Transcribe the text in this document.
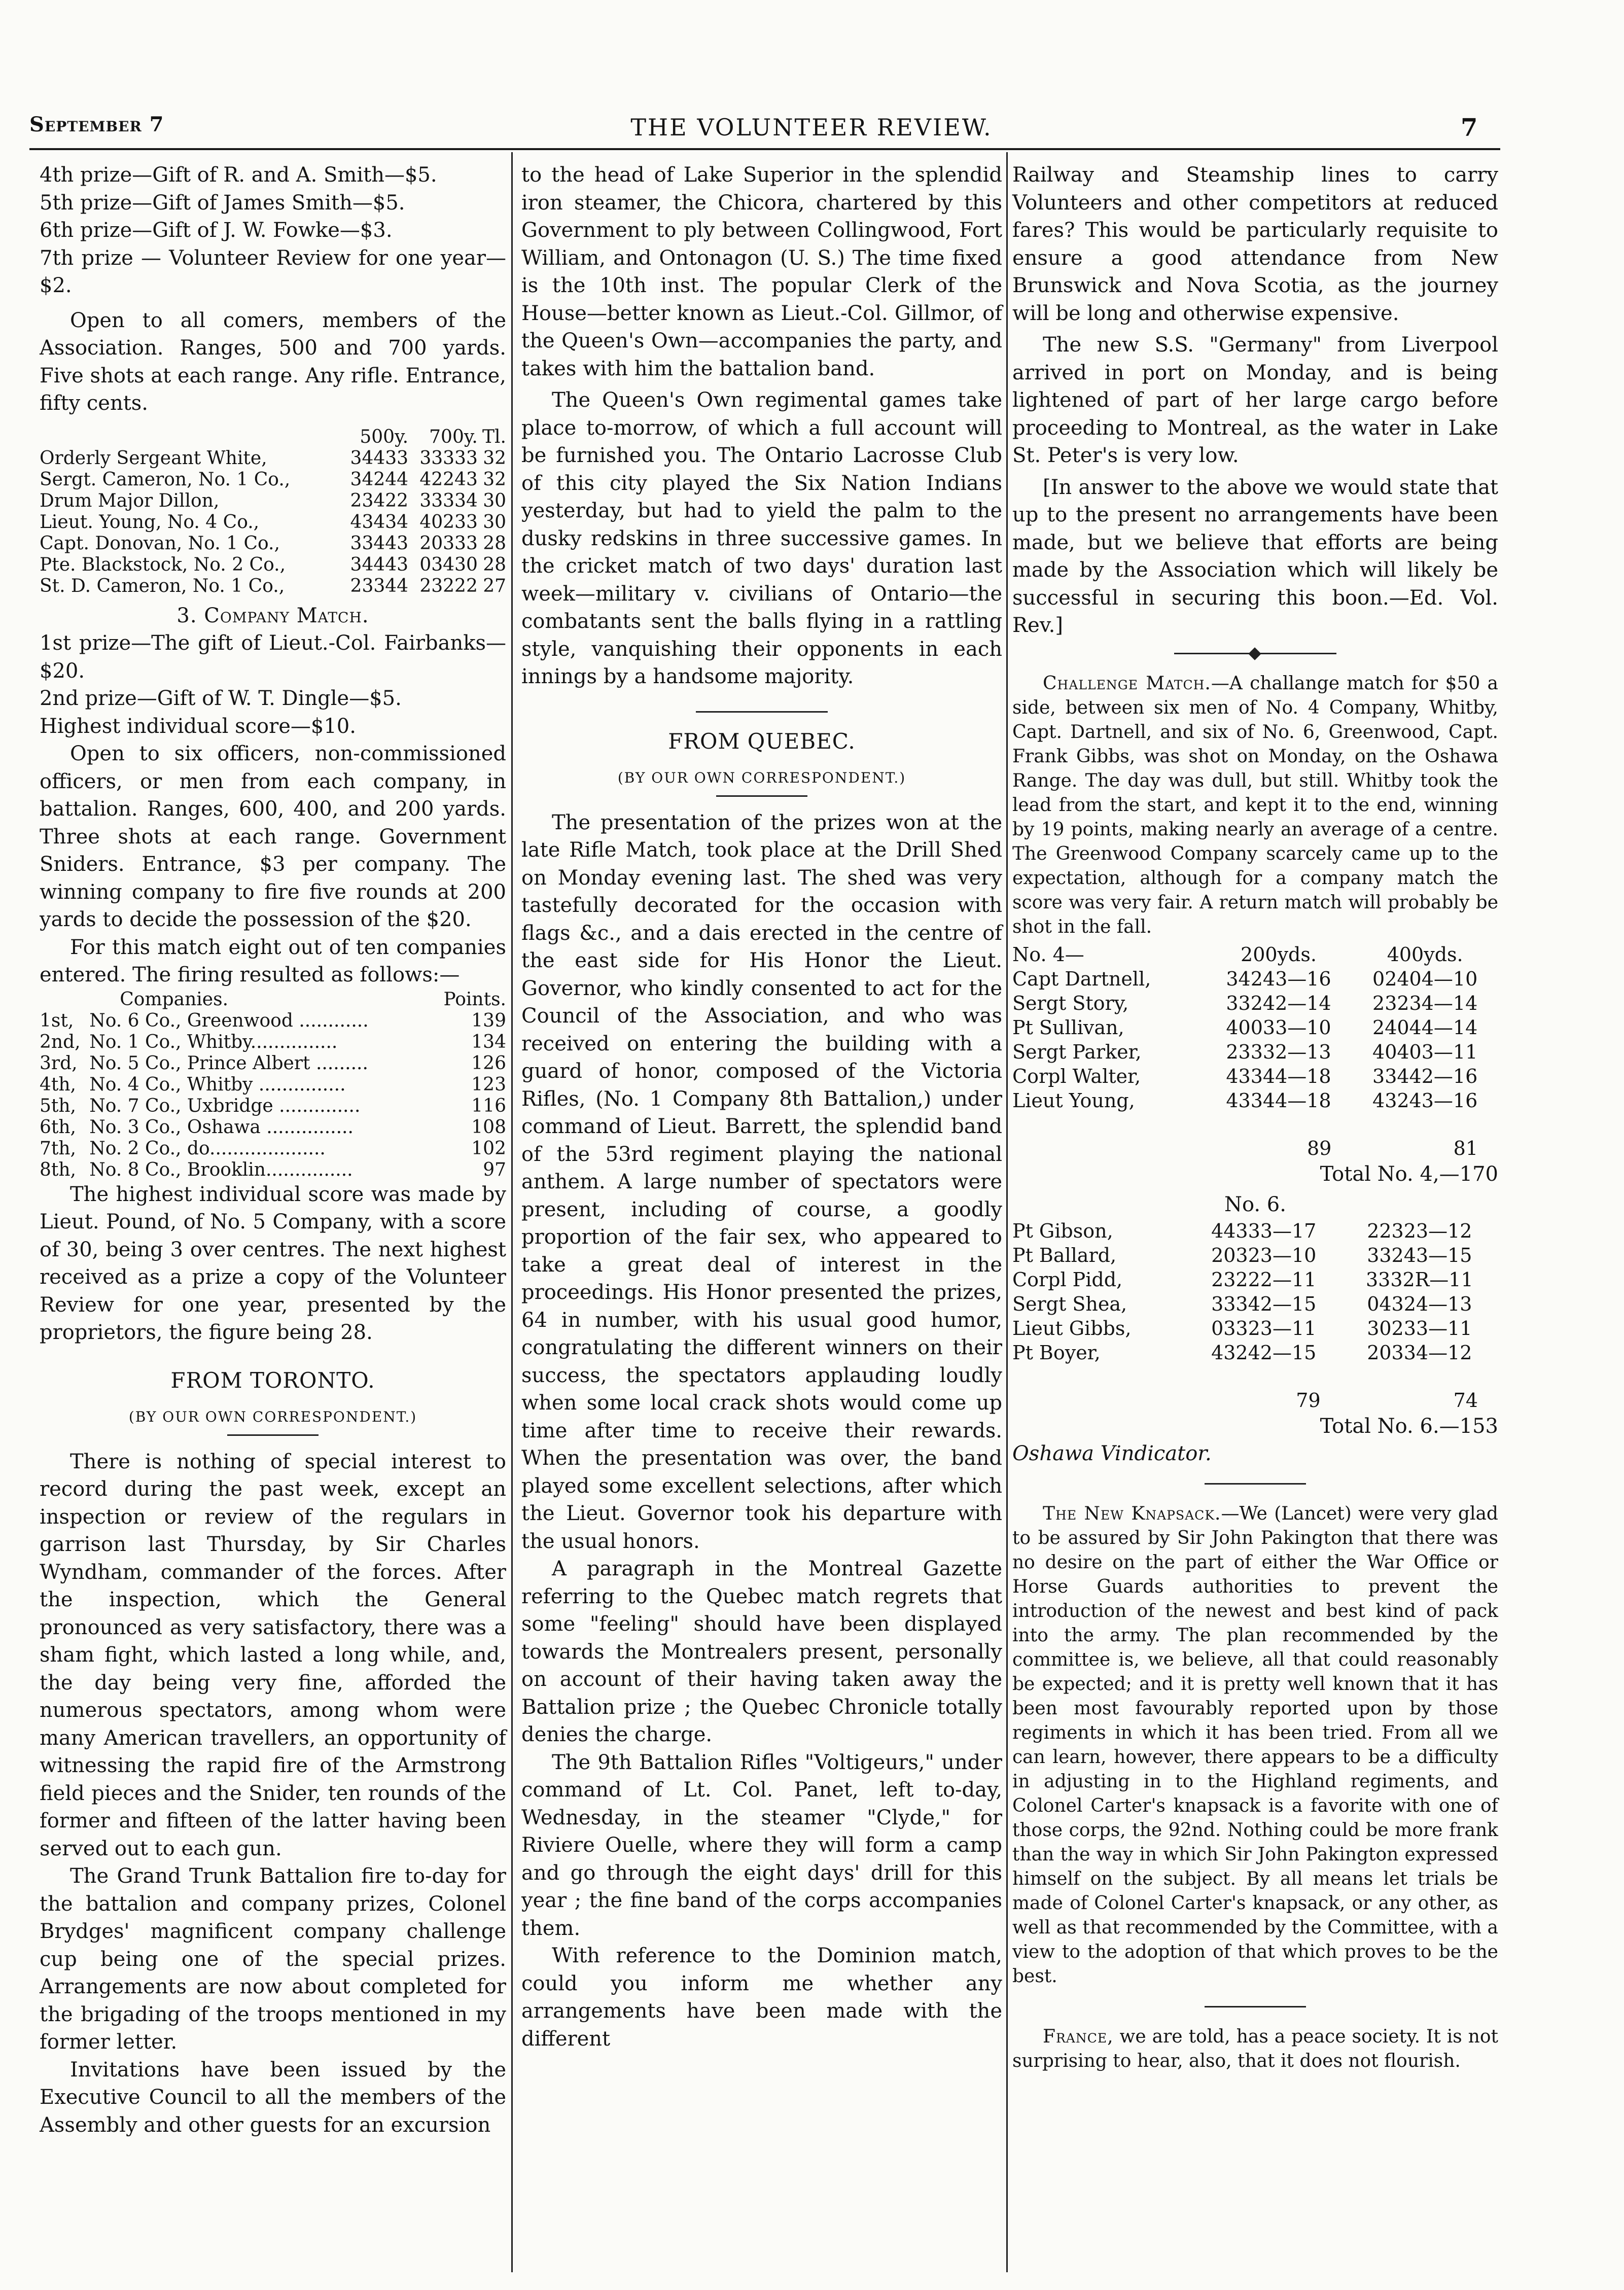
September 7	THE VOLUNTEER REVIEW.	7

4th prize—Gift of R. and A. Smith—$5.

5th prize—Gift of James Smith—$5.

6th prize—Gift of J. W. Fowke—$3.

7th prize — Volunteer Review for one year—$2.

Open to all comers, members of the Association. Ranges, 500 and 700 yards. Five shots at each range. Any rifle. Entrance, fifty cents.

	500y.	700y.	Tl.
Orderly Sergeant White,	34433	33333	32
Sergt. Cameron, No. 1 Co.,	34244	42243	32
Drum Major Dillon,	23422	33334	30
Lieut. Young, No. 4 Co.,	43434	40233	30
Capt. Donovan, No. 1 Co.,	33443	20333	28
Pte. Blackstock, No. 2 Co.,	34443	03430	28
St. D. Cameron, No. 1 Co.,	23344	23222	27

3. Company Match.

1st prize—The gift of Lieut.-Col. Fairbanks—$20.

2nd prize—Gift of W. T. Dingle—$5.

Highest individual score—$10.

Open to six officers, non-commissioned officers, or men from each company, in battalion. Ranges, 600, 400, and 200 yards. Three shots at each range. Government Sniders. Entrance, $3 per company. The winning company to fire five rounds at 200 yards to decide the possession of the $20.

For this match eight out of ten companies entered. The firing resulted as follows:—

	Companies.	Points.
1st,	No. 6 Co., Greenwood ............	139
2nd,	No. 1 Co., Whitby...............	134
3rd,	No. 5 Co., Prince Albert .........	126
4th,	No. 4 Co., Whitby ...............	123
5th,	No. 7 Co., Uxbridge ..............	116
6th,	No. 3 Co., Oshawa ...............	108
7th,	No. 2 Co., do....................	102
8th,	No. 8 Co., Brooklin...............	97

The highest individual score was made by Lieut. Pound, of No. 5 Company, with a score of 30, being 3 over centres. The next highest received as a prize a copy of the Volunteer Review for one year, presented by the proprietors, the figure being 28.

FROM TORONTO.
(BY OUR OWN CORRESPONDENT.)

There is nothing of special interest to record during the past week, except an inspection or review of the regulars in garrison last Thursday, by Sir Charles Wyndham, commander of the forces. After the inspection, which the General pronounced as very satisfactory, there was a sham fight, which lasted a long while, and, the day being very fine, afforded the numerous spectators, among whom were many American travellers, an opportunity of witnessing the rapid fire of the Armstrong field pieces and the Snider, ten rounds of the former and fifteen of the latter having been served out to each gun.

The Grand Trunk Battalion fire to-day for the battalion and company prizes, Colonel Brydges' magnificent company challenge cup being one of the special prizes. Arrangements are now about completed for the brigading of the troops mentioned in my former letter.

Invitations have been issued by the Executive Council to all the members of the Assembly and other guests for an excursion

to the head of Lake Superior in the splendid iron steamer, the Chicora, chartered by this Government to ply between Collingwood, Fort William, and Ontonagon (U. S.) The time fixed is the 10th inst. The popular Clerk of the House—better known as Lieut.-Col. Gillmor, of the Queen's Own—accompanies the party, and takes with him the battalion band.

The Queen's Own regimental games take place to-morrow, of which a full account will be furnished you. The Ontario Lacrosse Club of this city played the Six Nation Indians yesterday, but had to yield the palm to the dusky redskins in three successive games. In the cricket match of two days' duration last week—military v. civilians of Ontario—the combatants sent the balls flying in a rattling style, vanquishing their opponents in each innings by a handsome majority.

FROM QUEBEC.
(BY OUR OWN CORRESPONDENT.)

The presentation of the prizes won at the late Rifle Match, took place at the Drill Shed on Monday evening last. The shed was very tastefully decorated for the occasion with flags &c., and a dais erected in the centre of the east side for His Honor the Lieut. Governor, who kindly consented to act for the Council of the Association, and who was received on entering the building with a guard of honor, composed of the Victoria Rifles, (No. 1 Company 8th Battalion,) under command of Lieut. Barrett, the splendid band of the 53rd regiment playing the national anthem. A large number of spectators were present, including of course, a goodly proportion of the fair sex, who appeared to take a great deal of interest in the proceedings. His Honor presented the prizes, 64 in number, with his usual good humor, congratulating the different winners on their success, the spectators applauding loudly when some local crack shots would come up time after time to receive their rewards. When the presentation was over, the band played some excellent selections, after which the Lieut. Governor took his departure with the usual honors.

A paragraph in the Montreal Gazette referring to the Quebec match regrets that some "feeling" should have been displayed towards the Montrealers present, personally on account of their having taken away the Battalion prize ; the Quebec Chronicle totally denies the charge.

The 9th Battalion Rifles "Voltigeurs," under command of Lt. Col. Panet, left to-day, Wednesday, in the steamer "Clyde," for Riviere Ouelle, where they will form a camp and go through the eight days' drill for this year ; the fine band of the corps accompanies them.

With reference to the Dominion match, could you inform me whether any arrangements have been made with the different

Railway and Steamship lines to carry Volunteers and other competitors at reduced fares? This would be particularly requisite to ensure a good attendance from New Brunswick and Nova Scotia, as the journey will be long and otherwise expensive.

The new S.S. "Germany" from Liverpool arrived in port on Monday, and is being lightened of part of her large cargo before proceeding to Montreal, as the water in Lake St. Peter's is very low.

[In answer to the above we would state that up to the present no arrangements have been made, but we believe that efforts are being made by the Association which will likely be successful in securing this boon.—Ed. Vol. Rev.]

Challenge Match.—A challange match for $50 a side, between six men of No. 4 Company, Whitby, Capt. Dartnell, and six of No. 6, Greenwood, Capt. Frank Gibbs, was shot on Monday, on the Oshawa Range. The day was dull, but still. Whitby took the lead from the start, and kept it to the end, winning by 19 points, making nearly an average of a centre. The Greenwood Company scarcely came up to the expectation, although for a company match the score was very fair. A return match will probably be shot in the fall.

No. 4—	200yds.	400yds.
Capt Dartnell,	34243—16	02404—10
Sergt Story,	33242—14	23234—14
Pt Sullivan,	40033—10	24044—14
Sergt Parker,	23332—13	40403—11
Corpl Walter,	43344—18	33442—16
Lieut Young,	43344—18	43243—16
	89	81

Total No. 4,—170

No. 6.

Pt Gibson,	44333—17	22323—12
Pt Ballard,	20323—10	33243—15
Corpl Pidd,	23222—11	3332R—11
Sergt Shea,	33342—15	04324—13
Lieut Gibbs,	03323—11	30233—11
Pt Boyer,	43242—15	20334—12
	79	74

Total No. 6.—153

Oshawa Vindicator.

The New Knapsack.—We (Lancet) were very glad to be assured by Sir John Pakington that there was no desire on the part of either the War Office or Horse Guards authorities to prevent the introduction of the newest and best kind of pack into the army. The plan recommended by the committee is, we believe, all that could reasonably be expected; and it is pretty well known that it has been most favourably reported upon by those regiments in which it has been tried. From all we can learn, however, there appears to be a difficulty in adjusting in to the Highland regiments, and Colonel Carter's knapsack is a favorite with one of those corps, the 92nd. Nothing could be more frank than the way in which Sir John Pakington expressed himself on the subject. By all means let trials be made of Colonel Carter's knapsack, or any other, as well as that recommended by the Committee, with a view to the adoption of that which proves to be the best.

France, we are told, has a peace society. It is not surprising to hear, also, that it does not flourish.
